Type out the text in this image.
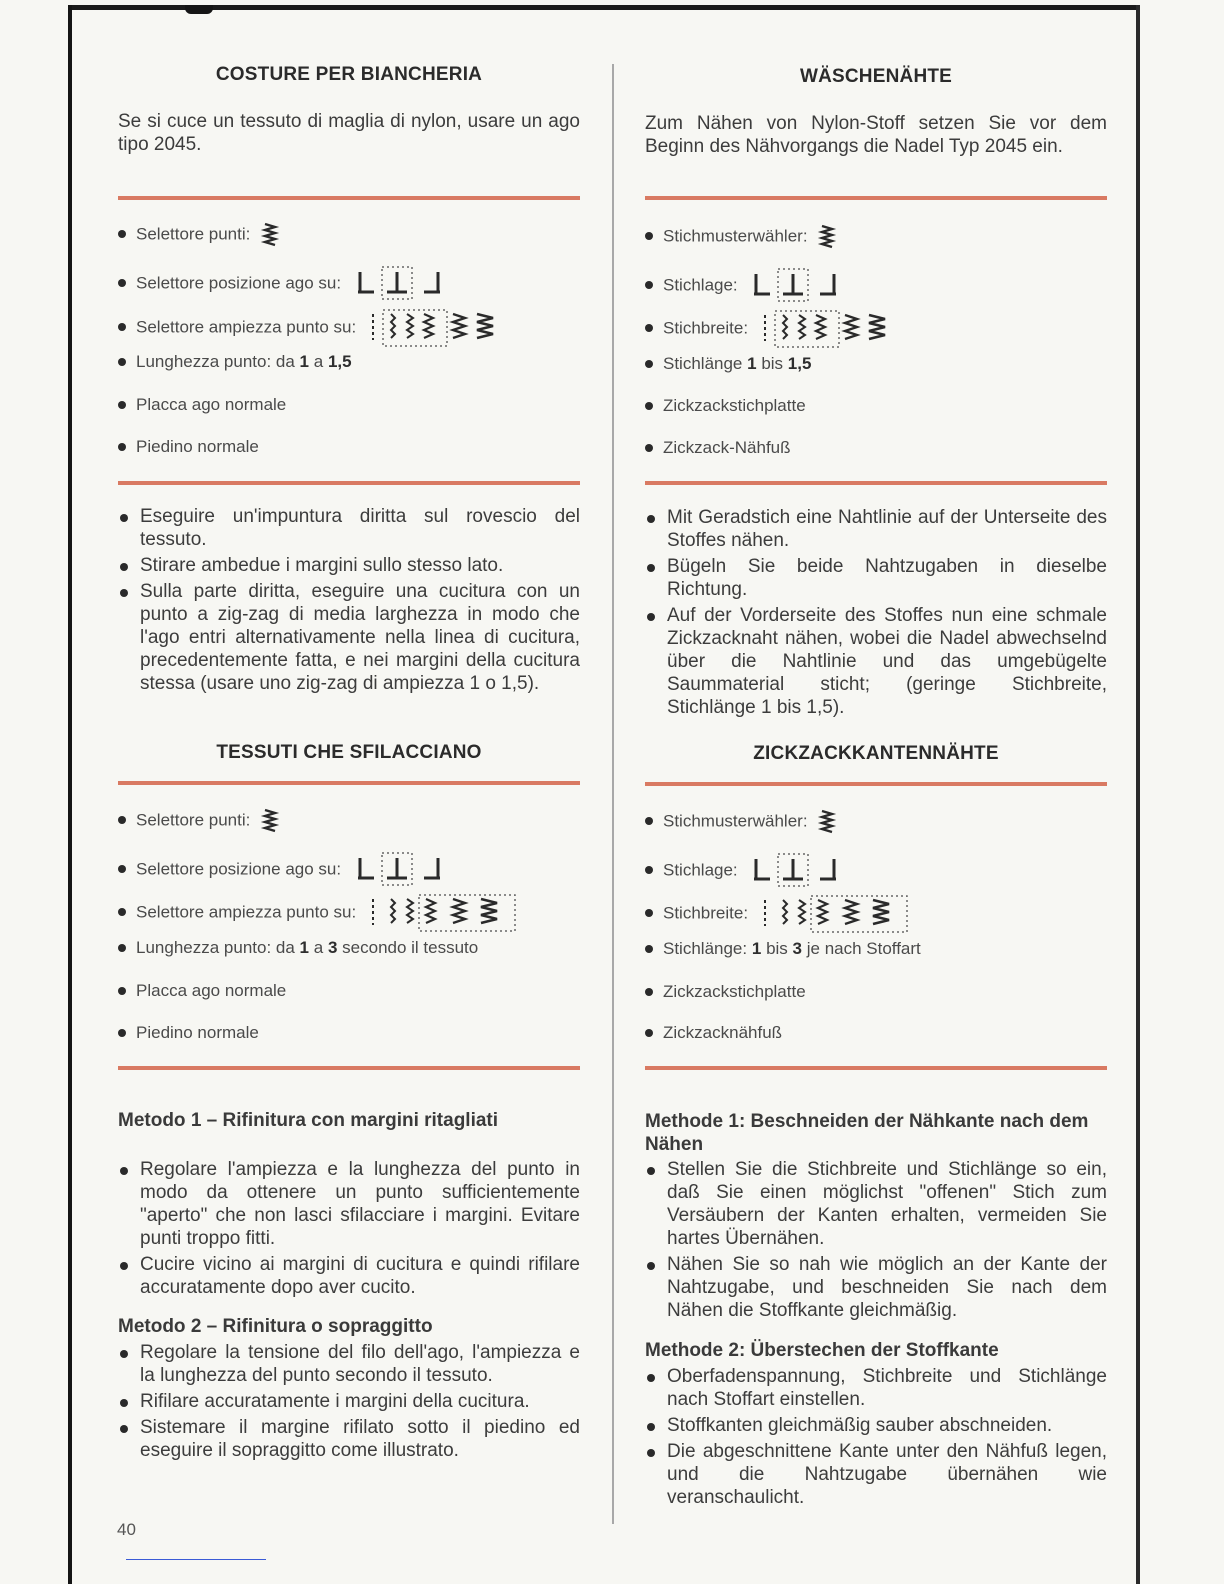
COSTURE PER BIANCHERIA

Se si cuce un tessuto di maglia di nylon, usare un ago tipo 2045.

Selettore punti:
Selettore posizione ago su:
Selettore ampiezza punto su:
Lunghezza punto: da 1 a 1,5
Placca ago normale
Piedino normale
Eseguire un'impuntura diritta sul rovescio del tessuto.
Stirare ambedue i margini sullo stesso lato.
Sulla parte diritta, eseguire una cucitura con un punto a zig-zag di media larghezza in modo che l'ago entri alternativamente nella linea di cucitura, precedentemente fatta, e nei margini della cucitura stessa (usare uno zig-zag di ampiezza 1 o 1,5).
TESSUTI CHE SFILACCIANO
Selettore punti:
Selettore posizione ago su:
Selettore ampiezza punto su:
Lunghezza punto: da 1 a 3 secondo il tessuto
Placca ago normale
Piedino normale
Metodo 1 – Rifinitura con margini ritagliati
Regolare l'ampiezza e la lunghezza del punto in modo da ottenere un punto sufficientemente "aperto" che non lasci sfilacciare i margini. Evitare punti troppo fitti.
Cucire vicino ai margini di cucitura e quindi rifilare accuratamente dopo aver cucito.
Metodo 2 – Rifinitura o sopraggitto
Regolare la tensione del filo dell'ago, l'ampiezza e la lunghezza del punto secondo il tessuto.
Rifilare accuratamente i margini della cucitura.
Sistemare il margine rifilato sotto il piedino ed eseguire il sopraggitto come illustrato.
WÄSCHENÄHTE

Zum Nähen von Nylon-Stoff setzen Sie vor dem Beginn des Nähvorgangs die Nadel Typ 2045 ein.

Stichmusterwähler:
Stichlage:
Stichbreite:
Stichlänge 1 bis 1,5
Zickzackstichplatte
Zickzack-Nähfuß
Mit Geradstich eine Nahtlinie auf der Unterseite des Stoffes nähen.
Bügeln Sie beide Nahtzugaben in dieselbe Richtung.
Auf der Vorderseite des Stoffes nun eine schmale Zickzacknaht nähen, wobei die Nadel abwechselnd über die Nahtlinie und das umgebügelte Saummaterial sticht; (geringe Stichbreite, Stichlänge 1 bis 1,5).
ZICKZACKKANTENNÄHTE
Stichmusterwähler:
Stichlage:
Stichbreite:
Stichlänge: 1 bis 3 je nach Stoffart
Zickzackstichplatte
Zickzacknähfuß
Methode 1: Beschneiden der Nähkante nach dem Nähen
Stellen Sie die Stichbreite und Stichlänge so ein, daß Sie einen möglichst "offenen" Stich zum Versäubern der Kanten erhalten, vermeiden Sie hartes Übernähen.
Nähen Sie so nah wie möglich an der Kante der Nahtzugabe, und beschneiden Sie nach dem Nähen die Stoffkante gleichmäßig.
Methode 2: Überstechen der Stoffkante
Oberfadenspannung, Stichbreite und Stichlänge nach Stoffart einstellen.
Stoffkanten gleichmäßig sauber abschneiden.
Die abgeschnittene Kante unter den Nähfuß legen, und die Nahtzugabe übernähen wie veranschaulicht.
40
